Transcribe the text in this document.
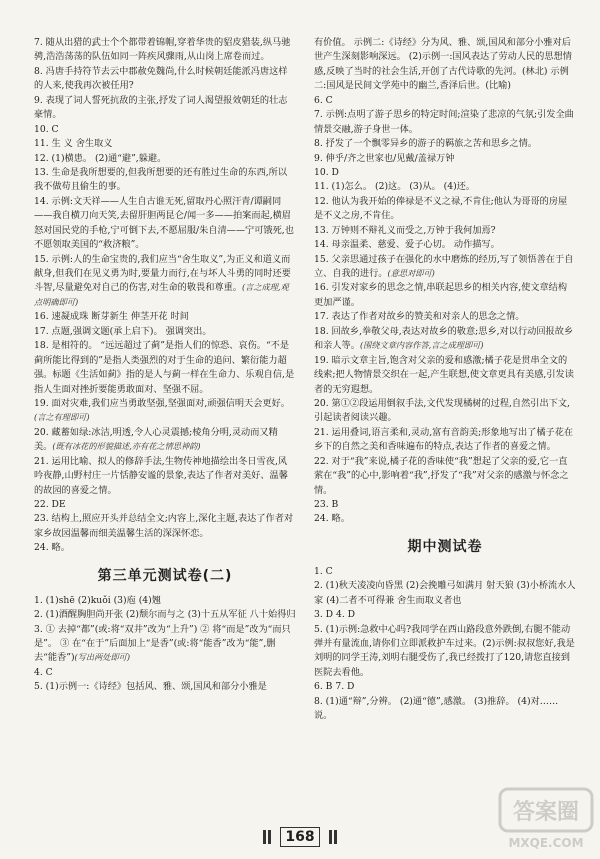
7. 随从出猎的武士个个都带着锦帽,穿着华贵的貂皮猎装,纵马驰骋,浩浩荡荡的队伍如同一阵疾风骤雨,从山岗上席卷而过。
8. 冯唐手持符节去云中郡赦免魏尚,什么时候朝廷能派冯唐这样的人来,使我再次被任用?
9. 表现了词人誓死抗敌的主张,抒发了词人渴望报效朝廷的壮志豪情。
10. C
11. 生 义 舍生取义
12. (1)横患。 (2)通“避”,躲避。
13. 生命是我所想要的,但我所想要的还有胜过生命的东西,所以我不做苟且偷生的事。
14. 示例:文天祥——人生自古谁无死,留取丹心照汗青/谭嗣同——我自横刀向天笑,去留肝胆两昆仑/闻一多——拍案而起,横眉怒对国民党的手枪,宁可倒下去,不愿屈服/朱自清——宁可饿死,也不愿领取美国的“救济粮”。
15. 示例:人的生命宝贵的,我们应当“舍生取义”,为正义和道义而献身,但我们在见义勇为时,要量力而行,在与坏人斗勇的同时还要斗智,尽量避免对自己的伤害,对生命的敬畏和尊重。(言之成理,观点明确即可)
16. 速凝成珠 断芽新生 伸茎开花 时间
17. 点题,强调文题(承上启下)。 强调突出。
18. 是相符的。 “远远超过了蓟”是指人们的惊恐、哀伤。“不是蓟所能比得到的”是指人类强烈的对于生命的追问、繁衍能力超强。标题《生活如蓟》指的是人与蓟一样在生命力、乐观自信,是指人生面对挫折要能勇敢面对、坚强不屈。
19. 面对灾难,我们应当勇敢坚强,坚强面对,顽强信明天会更好。(言之有理即可)
20. 藏蓄如绿:冰洁,明透,令人心灵震撼;棱角分明,灵动而又精美。(既有冰花的形貌描述,亦有花之情思神韵)
21. 运用比喻、拟人的修辞手法,生物传神地描绘出冬日雪夜,风吟夜静,山野村庄一片恬静安谧的景象,表达了作者对美好、温馨的故园的喜爱之情。
22. DE
23. 结构上,照应开头并总结全文;内容上,深化主题,表达了作者对家乡故园温馨而细美温馨生活的深深怀恋。
24. 略。
第三单元测试卷(二)
1. (1)shē (2)kuǒi (3)庖 (4)翘
2. (1)酒醒胸胆尚开张 (2)颓尔而与之 (3)十五从军征 八十始得归
3. ① 去掉“都”(或:将“双井”改为“上升”) ② 将“而是”改为“而只是”。 ③ 在“在于”后面加上“是香”(或:将“能香”改为“能”,删去“能香”)(写出两处即可)
4. C
5. (1)示例一:《诗经》包括风、雅、颂,国风和部分小雅是
有价值。 示例二:《诗经》分为风、雅、颂,国风和部分小雅对后世产生深刻影响深远。 (2)示例一:国风表达了劳动人民的思想情感,反映了当时的社会生活,开创了古代诗歌的先河。(林北) 示例二:国风是民间文学苑中的幽兰,香泽后世。(比喻)
6. C
7. 示例:点明了游子思乡的特定时间;渲染了悲凉的气氛;引发全曲情景交融,游子身世一体。
8. 抒发了一个飘零异乡的游子的羁旅之苦和思乡之情。
9. 伸乎/齐之世家也/见戴/盖禄万钟
10. D
11. (1)怎么。 (2)这。 (3)从。 (4)还。
12. 他认为我开始的俸禄是不义之禄,不肯住;他认为哥哥的房屋是不义之房,不肯住。
13. 万钟则不辩礼义而受之,万钟于我何加焉?
14. 母亲温柔、慈爱、爱子心切。 动作描写。
15. 父亲思通过孩子在强化的水中磨炼的经历,写了领悟善在于自立、自我的进行。(意思对即可)
16. 引发对家乡的思念之情,串联起思乡的相关内容,使文章结构更加严谨。
17. 表达了作者对故乡的赞美和对亲人的思念之情。
18. 回故乡,拳敬父母,表达对故乡的敬意;思乡,对以行动回报故乡和亲人等。(围绕文章内容作答,言之成理即可)
19. 暗示文章主旨,饱含对父亲的爱和感激;橘子花是贯串全文的线索;把人物情景交织在一起,产生联想,使文章更具有美感,引发读者的无穷遐想。
20. 第①②段运用倒叙手法,文代发现橘树的过程,自然引出下文,引起读者阅读兴趣。
21. 运用叠词,语言柔和,灵动,富有音韵美;形象地写出了橘子花在乡下的自然之美和香味遍布的特点,表达了作者的喜爱之情。
22. 对于“我”来说,橘子花的香味使“我”想起了父亲的爱,它一直萦在“我”的心中,影响着“我”,抒发了“我”对父亲的感激与怀念之情。
23. B
24. 略。
期中测试卷
1. C
2. (1)秋天凌凌向昏黑 (2)会挽雕弓如满月 射天狼 (3)小桥流水人家 (4)二者不可得兼 舍生而取义者也
3. D 4. D
5. (1)示例:急救中心吗?我同学在西山路段意外跌倒,右腿不能动弹并有量流血,请你们立即派救护车过来。(2)示例:叔叔您好,我是刘明的同学王涛,刘明右腿受伤了,我已经拨打了120,请您直接到医院去看他。
6. B 7. D
8. (1)通“辩”,分辨。 (2)通“德”,感激。 (3)推辞。 (4)对……说。
168
答案圈
MXQE.COM
